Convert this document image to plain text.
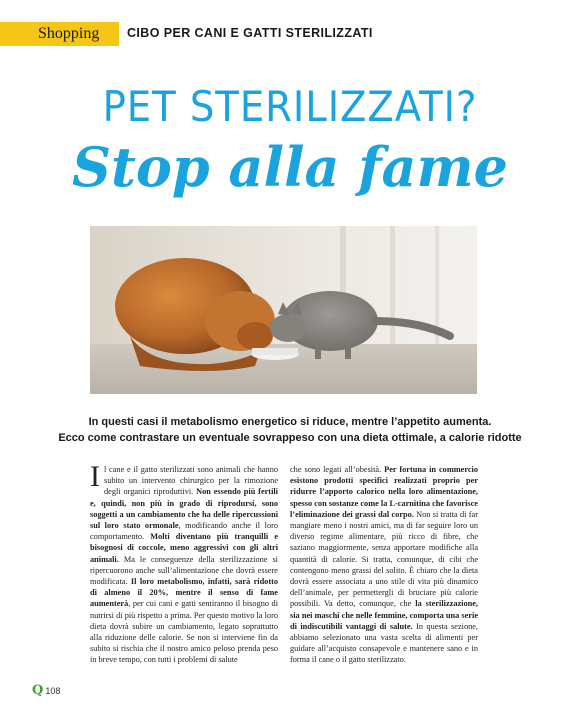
Shopping CIBO PER CANI E GATTI STERILIZZATI
PET STERILIZZATI?
Stop alla fame
In questi casi il metabolismo energetico si riduce, mentre l’appetito aumenta.
Ecco come contrastare un eventuale sovrappeso con una dieta ottimale, a calorie ridotte
Il cane e il gatto sterilizzati sono animali che hanno subito un intervento chirurgico per la rimozione degli organici riproduttivi. Non essendo più fertili e, quindi, non più in grado di riprodursi, sono soggetti a un cambiamento che ha delle ripercussioni sul loro stato ormonale, modificando anche il loro comportamento. Molti diventano più tranquilli e bisognosi di coccole, meno aggressivi con gli altri animali. Ma le conseguenze della sterilizzazione si ripercuorono anche sull’alimentazione che dovrà essere modificata. Il loro metabolismo, infatti, sarà ridotto di almeno il 20%, mentre il senso di fame aumenterà, per cui cani e gatti sentiranno il bisogno di nutrirsi di più rispetto a prima. Per questo motivo la loro dieta dovrà subire un cambiamento, legato soprattutto alla riduzione delle calorie. Se non si interviene fin da subito si rischia che il nostro amico peloso prenda peso in breve tempo, con tutti i problemi di salute
che sono legati all’obesità. Per fortuna in commercio esistono prodotti specifici realizzati proprio per ridurre l’apporto calorico nella loro alimentazione, spesso con sostanze come la L-carnitina che favorisce l’eliminazione dei grassi dal corpo. Non si tratta di far mangiare meno i nostri amici, ma di far seguire loro un diverso regime alimentare, più ricco di fibre, che saziano maggiormente, senza apportare modifiche alla quantità di calorie. Si tratta, comunque, di cibi che contengono meno grassi del solito. È chiaro che la dieta dovrà essere associata a uno stile di vita più dinamico dell’animale, per permettergli di bruciare più calorie possibili. Va detto, comunque, che la sterilizzazione, sia nei maschi che nelle femmine, comporta una serie di indiscutibili vantaggi di salute. In questa sezione, abbiamo selezionato una vasta scelta di alimenti per guidare all’acquisto consapevole e mantenere sano e in forma il cane o il gatto sterilizzato.
Q 108
